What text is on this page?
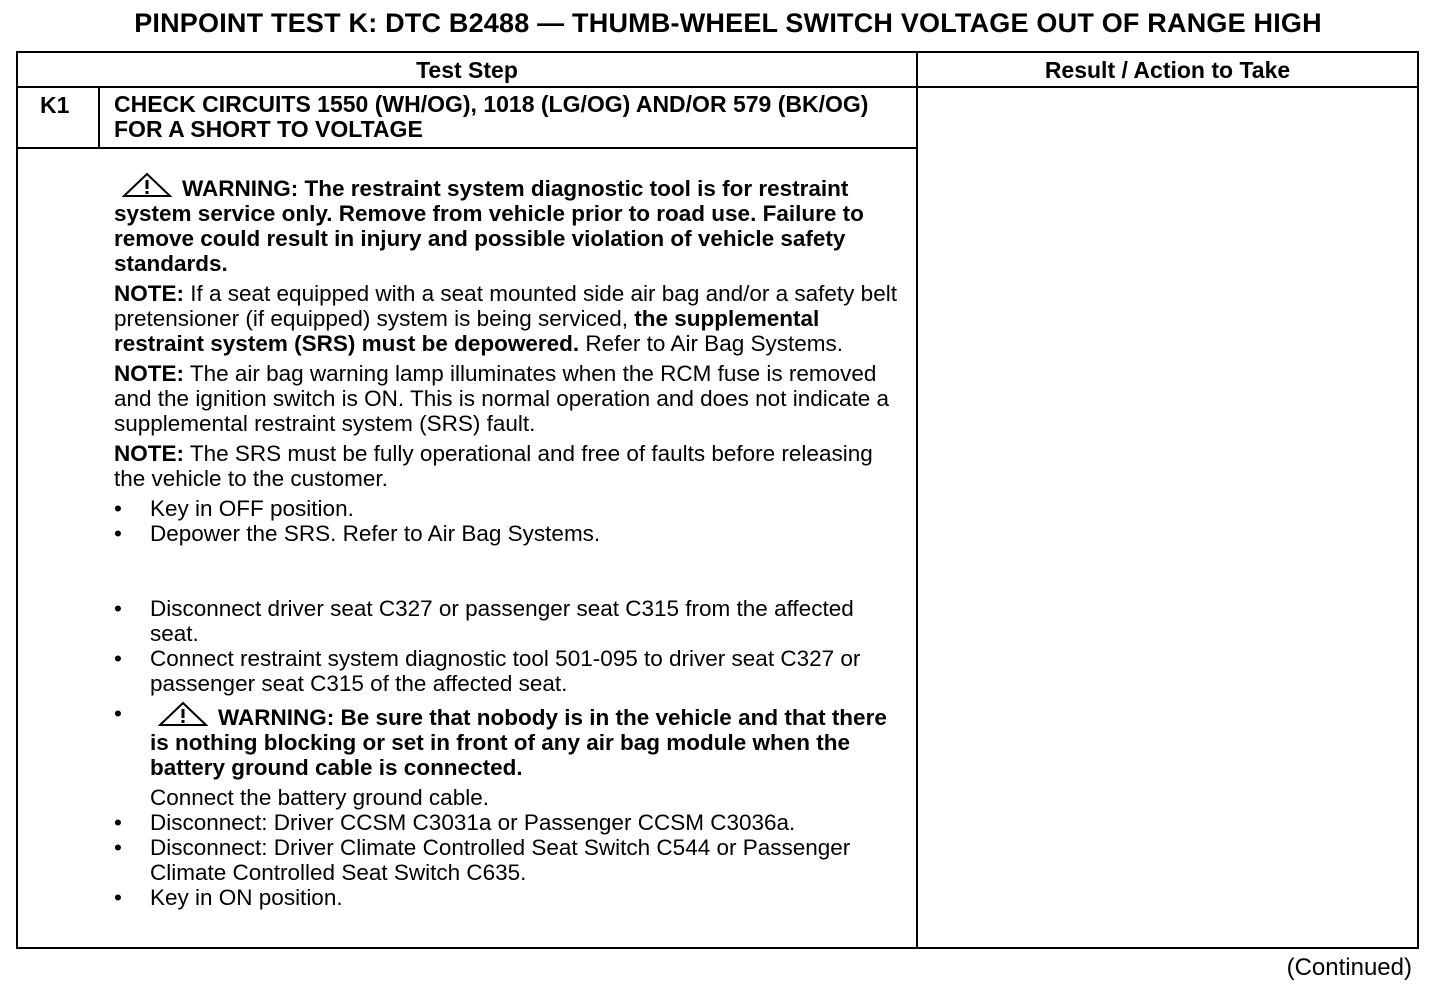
PINPOINT TEST K: DTC B2488 — THUMB-WHEEL SWITCH VOLTAGE OUT OF RANGE HIGH
Test Step	Result / Action to Take
K1 CHECK CIRCUITS 1550 (WH/OG), 1018 (LG/OG) AND/OR 579 (BK/OG) FOR A SHORT TO VOLTAGE

WARNING: The restraint system diagnostic tool is for restraint system service only. Remove from vehicle prior to road use. Failure to remove could result in injury and possible violation of vehicle safety standards.

NOTE: If a seat equipped with a seat mounted side air bag and/or a safety belt pretensioner (if equipped) system is being serviced, the supplemental restraint system (SRS) must be depowered. Refer to Air Bag Systems.

NOTE: The air bag warning lamp illuminates when the RCM fuse is removed and the ignition switch is ON. This is normal operation and does not indicate a supplemental restraint system (SRS) fault.

NOTE: The SRS must be fully operational and free of faults before releasing the vehicle to the customer.

• Key in OFF position.
• Depower the SRS. Refer to Air Bag Systems.
• Disconnect driver seat C327 or passenger seat C315 from the affected seat.
• Connect restraint system diagnostic tool 501-095 to driver seat C327 or passenger seat C315 of the affected seat.
•	WARNING: Be sure that nobody is in the vehicle and that there is nothing blocking or set in front of any air bag module when the battery ground cable is connected.
Connect the battery ground cable.
• Disconnect: Driver CCSM C3031a or Passenger CCSM C3036a.
• Disconnect: Driver Climate Controlled Seat Switch C544 or Passenger Climate Controlled Seat Switch C635.
• Key in ON position.
(Continued)
